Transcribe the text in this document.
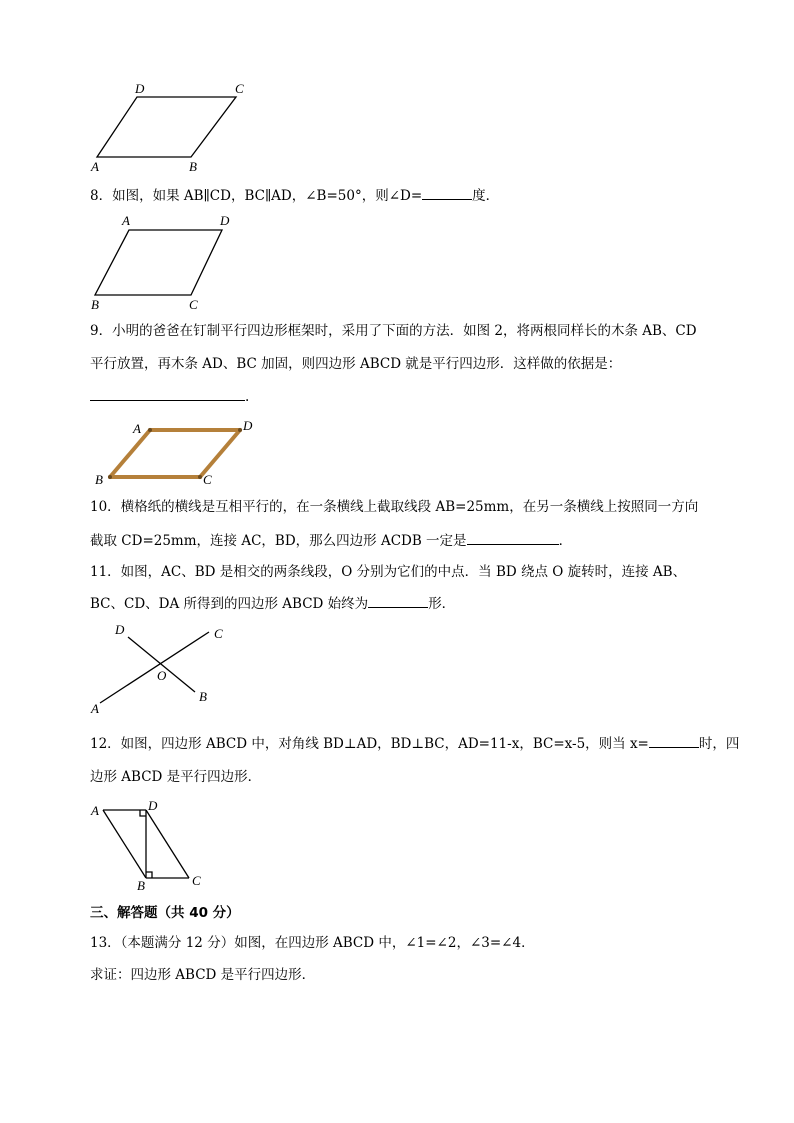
D	C
A	B
8．如图，如果 AB∥CD，BC∥AD，∠B=50°，则∠D=	度．
A	D
B	C
9．小明的爸爸在钉制平行四边形框架时，采用了下面的方法．如图 2，将两根同样长的木条 AB、CD
平行放置，再木条 AD、BC 加固，则四边形 ABCD 就是平行四边形．这样做的依据是：
.
A	D
B	C
10．横格纸的横线是互相平行的，在一条横线上截取线段 AB=25mm，在另一条横线上按照同一方向
截取 CD=25mm，连接 AC，BD，那么四边形 ACDB 一定是	．
11．如图，AC、BD 是相交的两条线段，O 分别为它们的中点．当 BD 绕点 O 旋转时，连接 AB、
BC、CD、DA 所得到的四边形 ABCD 始终为	形．
D	C
O
A
B
12．如图，四边形 ABCD 中，对角线 BD⊥AD，BD⊥BC，AD=11-x，BC=x-5，则当 x=	时，四
边形 ABCD 是平行四边形．
A	D
B	C
三、解答题（共 40 分）
13．（本题满分 12 分）如图，在四边形 ABCD 中，∠1=∠2，∠3=∠4．
求证：四边形 ABCD 是平行四边形．
